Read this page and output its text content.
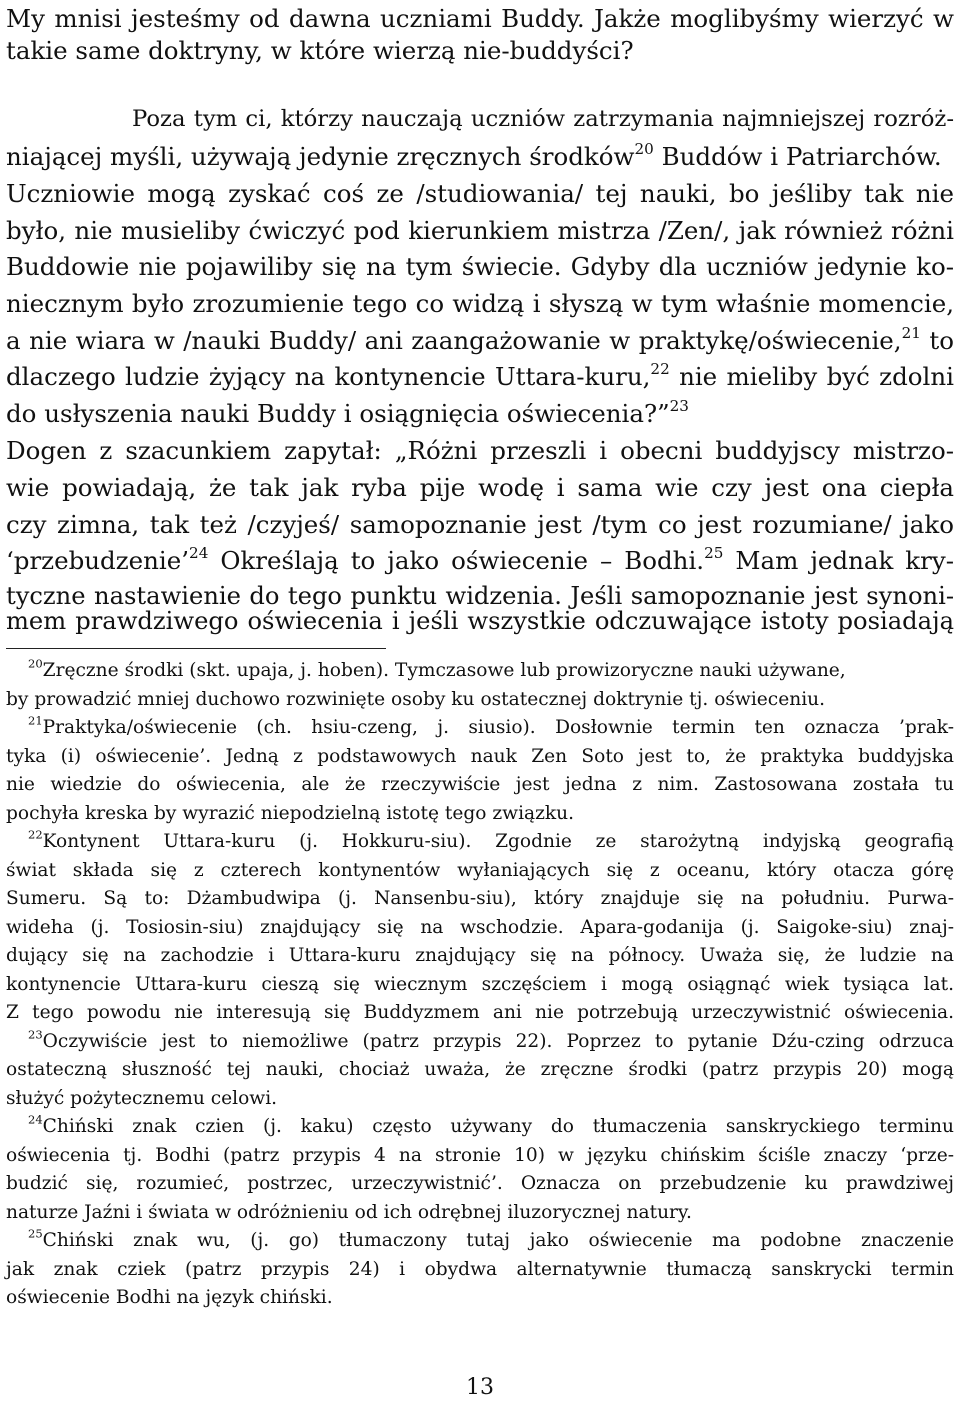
My mnisi jesteśmy od dawna uczniami Buddy. Jakże moglibyśmy wierzyć w
takie same doktryny, w które wierzą nie-buddyści?
Poza tym ci, którzy nauczają uczniów zatrzymania najmniejszej rozróż-
niającej myśli, używają jedynie zręcznych środków$^{20}$ Buddów i Patriarchów.
Uczniowie mogą zyskać coś ze /studiowania/ tej nauki, bo jeśliby tak nie
było, nie musieliby ćwiczyć pod kierunkiem mistrza /Zen/, jak również różni
Buddowie nie pojawiliby się na tym świecie. Gdyby dla uczniów jedynie ko-
niecznym było zrozumienie tego co widzą i słyszą w tym właśnie momencie,
a nie wiara w /nauki Buddy/ ani zaangażowanie w praktykę/oświecenie,$^{21}$ to
dlaczego ludzie żyjący na kontynencie Uttara-kuru,$^{22}$ nie mieliby być zdolni
do usłyszenia nauki Buddy i osiągnięcia oświecenia?”$^{23}$
Dogen z szacunkiem zapytał: „Różni przeszli i obecni buddyjscy mistrzo-
wie powiadają, że tak jak ryba pije wodę i sama wie czy jest ona ciepła
czy zimna, tak też /czyjeś/ samopoznanie jest /tym co jest rozumiane/ jako
‘przebudzenie’$^{24}$ Określają to jako oświecenie – Bodhi.$^{25}$ Mam jednak kry-
tyczne nastawienie do tego punktu widzenia. Jeśli samopoznanie jest synoni-
mem prawdziwego oświecenia i jeśli wszystkie odczuwające istoty posiadają
$^{20}$Zręczne środki (skt. upaja, j. hoben). Tymczasowe lub prowizoryczne nauki używane,
by prowadzić mniej duchowo rozwinięte osoby ku ostatecznej doktrynie tj. oświeceniu.
$^{21}$Praktyka/oświecenie (ch. hsiu-czeng, j. siusio). Dosłownie termin ten oznacza ’prak-
tyka (i) oświecenie’. Jedną z podstawowych nauk Zen Soto jest to, że praktyka buddyjska
nie wiedzie do oświecenia, ale że rzeczywiście jest jedna z nim. Zastosowana została tu
pochyła kreska by wyrazić niepodzielną istotę tego związku.
$^{22}$Kontynent Uttara-kuru (j. Hokkuru-siu). Zgodnie ze starożytną indyjską geografią
świat składa się z czterech kontynentów wyłaniających się z oceanu, który otacza górę
Sumeru. Są to: Dżambudwipa (j. Nansenbu-siu), który znajduje się na południu. Purwa-
wideha (j. Tosiosin-siu) znajdujący się na wschodzie. Apara-godanija (j. Saigoke-siu) znaj-
dujący się na zachodzie i Uttara-kuru znajdujący się na północy. Uważa się, że ludzie na
kontynencie Uttara-kuru cieszą się wiecznym szczęściem i mogą osiągnąć wiek tysiąca lat.
Z tego powodu nie interesują się Buddyzmem ani nie potrzebują urzeczywistnić oświecenia.
$^{23}$Oczywiście jest to niemożliwe (patrz przypis 22). Poprzez to pytanie Dźu-czing odrzuca
ostateczną słuszność tej nauki, chociaż uważa, że zręczne środki (patrz przypis 20) mogą
służyć pożytecznemu celowi.
$^{24}$Chiński znak czien (j. kaku) często używany do tłumaczenia sanskryckiego terminu
oświecenia tj. Bodhi (patrz przypis 4 na stronie 10) w języku chińskim ściśle znaczy ‘prze-
budzić się, rozumieć, postrzec, urzeczywistnić’. Oznacza on przebudzenie ku prawdziwej
naturze Jaźni i świata w odróżnieniu od ich odrębnej iluzorycznej natury.
$^{25}$Chiński znak wu, (j. go) tłumaczony tutaj jako oświecenie ma podobne znaczenie
jak znak cziek (patrz przypis 24) i obydwa alternatywnie tłumaczą sanskrycki termin
oświecenie Bodhi na język chiński.
13
